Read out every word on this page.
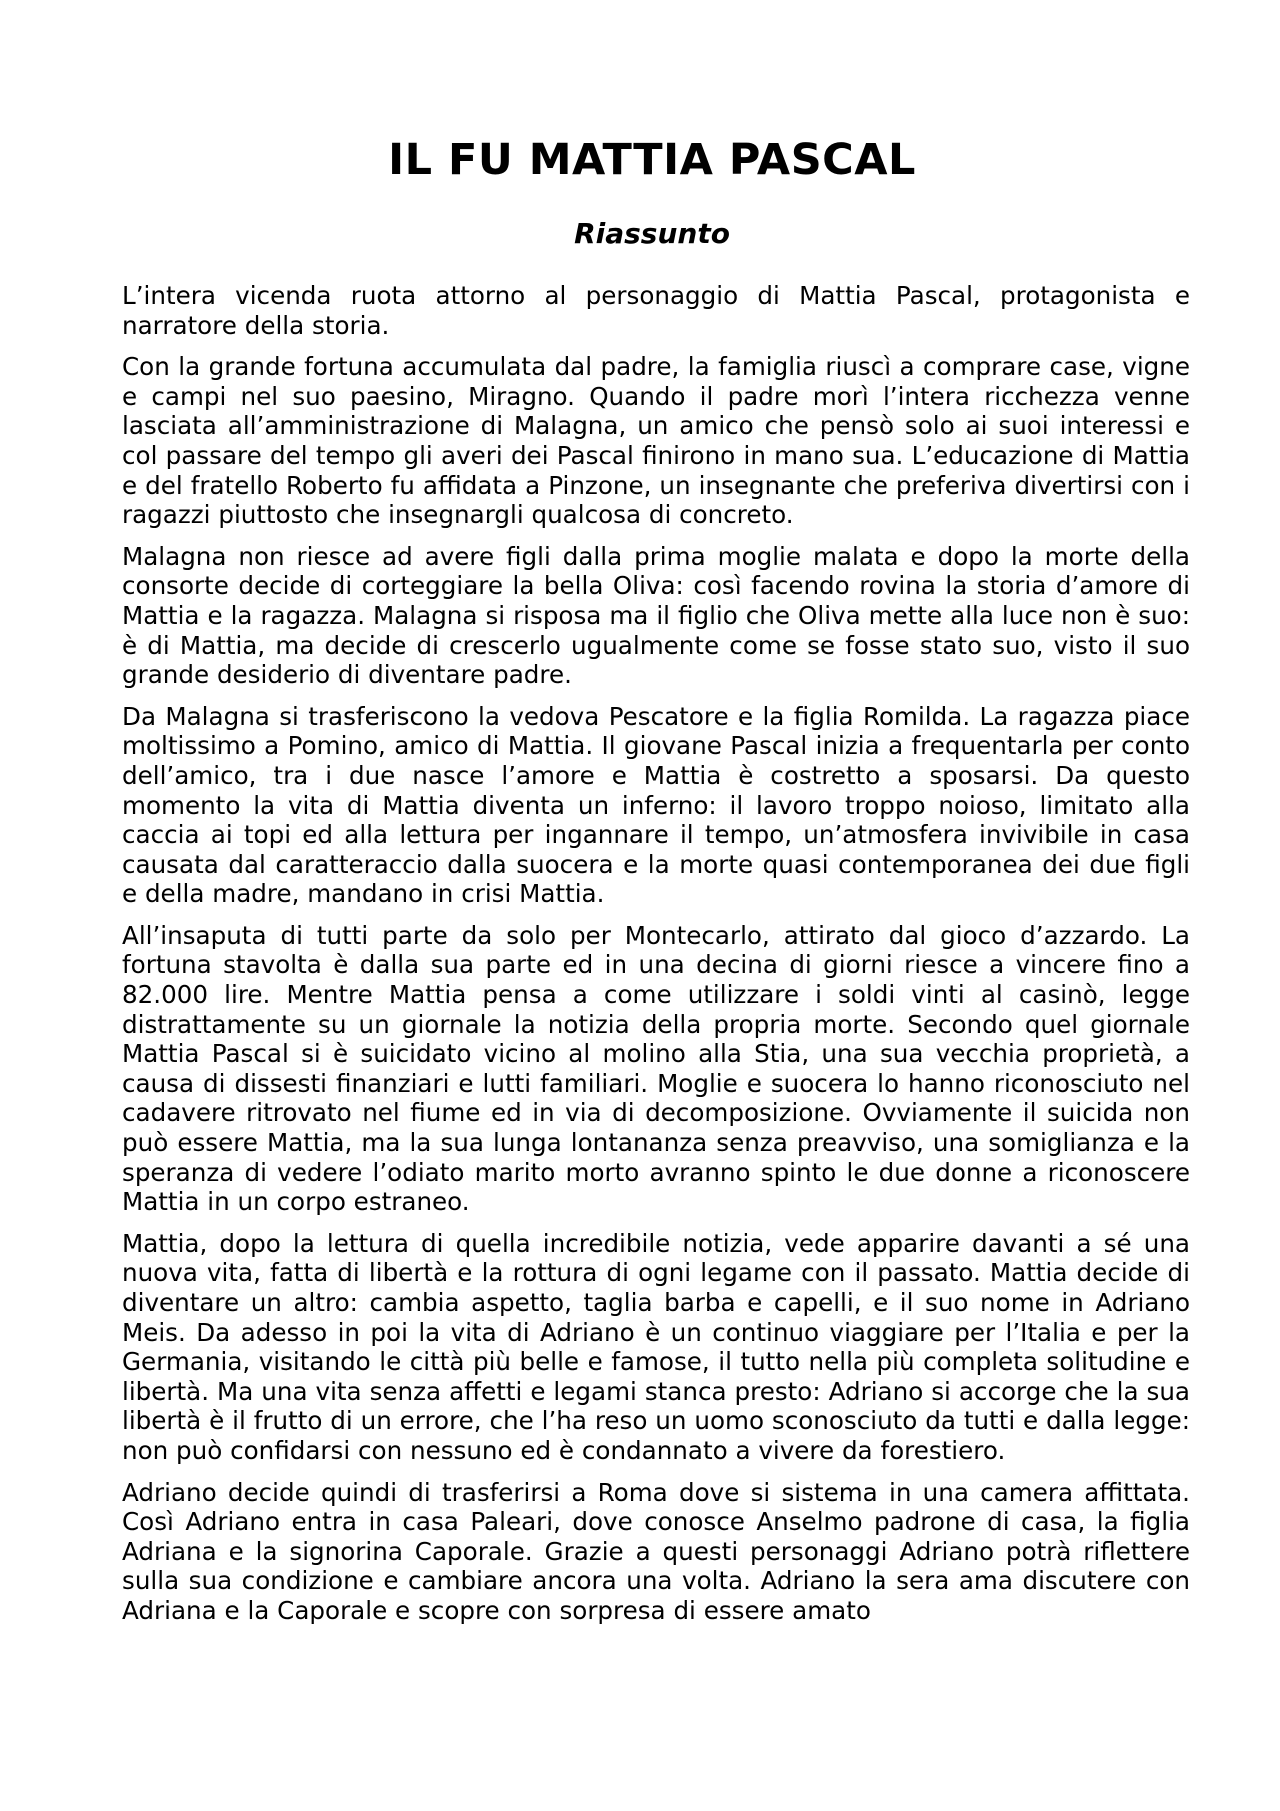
IL FU MATTIA PASCAL
Riassunto

L’intera vicenda ruota attorno al personaggio di Mattia Pascal, protagonista e narratore della storia.

Con la grande fortuna accumulata dal padre, la famiglia riuscì a comprare case, vigne e campi nel suo paesino, Miragno. Quando il padre morì l’intera ricchezza venne lasciata all’amministrazione di Malagna, un amico che pensò solo ai suoi interessi e col passare del tempo gli averi dei Pascal finirono in mano sua. L’educazione di Mattia e del fratello Roberto fu affidata a Pinzone, un insegnante che preferiva divertirsi con i ragazzi piuttosto che insegnargli qualcosa di concreto.

Malagna non riesce ad avere figli dalla prima moglie malata e dopo la morte della consorte decide di corteggiare la bella Oliva: così facendo rovina la storia d’amore di Mattia e la ragazza. Malagna si risposa ma il figlio che Oliva mette alla luce non è suo: è di Mattia, ma decide di crescerlo ugualmente come se fosse stato suo, visto il suo grande desiderio di diventare padre.

Da Malagna si trasferiscono la vedova Pescatore e la figlia Romilda. La ragazza piace moltissimo a Pomino, amico di Mattia. Il giovane Pascal inizia a frequentarla per conto dell’amico, tra i due nasce l’amore e Mattia è costretto a sposarsi. Da questo momento la vita di Mattia diventa un inferno: il lavoro troppo noioso, limitato alla caccia ai topi ed alla lettura per ingannare il tempo, un’atmosfera invivibile in casa causata dal caratteraccio dalla suocera e la morte quasi contemporanea dei due figli e della madre, mandano in crisi Mattia.

All’insaputa di tutti parte da solo per Montecarlo, attirato dal gioco d’azzardo. La fortuna stavolta è dalla sua parte ed in una decina di giorni riesce a vincere fino a 82.000 lire. Mentre Mattia pensa a come utilizzare i soldi vinti al casinò, legge distrattamente su un giornale la notizia della propria morte. Secondo quel giornale Mattia Pascal si è suicidato vicino al molino alla Stia, una sua vecchia proprietà, a causa di dissesti finanziari e lutti familiari. Moglie e suocera lo hanno riconosciuto nel cadavere ritrovato nel fiume ed in via di decomposizione. Ovviamente il suicida non può essere Mattia, ma la sua lunga lontananza senza preavviso, una somiglianza e la speranza di vedere l’odiato marito morto avranno spinto le due donne a riconoscere Mattia in un corpo estraneo.

Mattia, dopo la lettura di quella incredibile notizia, vede apparire davanti a sé una nuova vita, fatta di libertà e la rottura di ogni legame con il passato. Mattia decide di diventare un altro: cambia aspetto, taglia barba e capelli, e il suo nome in Adriano Meis. Da adesso in poi la vita di Adriano è un continuo viaggiare per l’Italia e per la Germania, visitando le città più belle e famose, il tutto nella più completa solitudine e libertà. Ma una vita senza affetti e legami stanca presto: Adriano si accorge che la sua libertà è il frutto di un errore, che l’ha reso un uomo sconosciuto da tutti e dalla legge: non può confidarsi con nessuno ed è condannato a vivere da forestiero.

Adriano decide quindi di trasferirsi a Roma dove si sistema in una camera affittata. Così Adriano entra in casa Paleari, dove conosce Anselmo padrone di casa, la figlia Adriana e la signorina Caporale. Grazie a questi personaggi Adriano potrà riflettere sulla sua condizione e cambiare ancora una volta. Adriano la sera ama discutere con Adriana e la Caporale e scopre con sorpresa di essere amato
